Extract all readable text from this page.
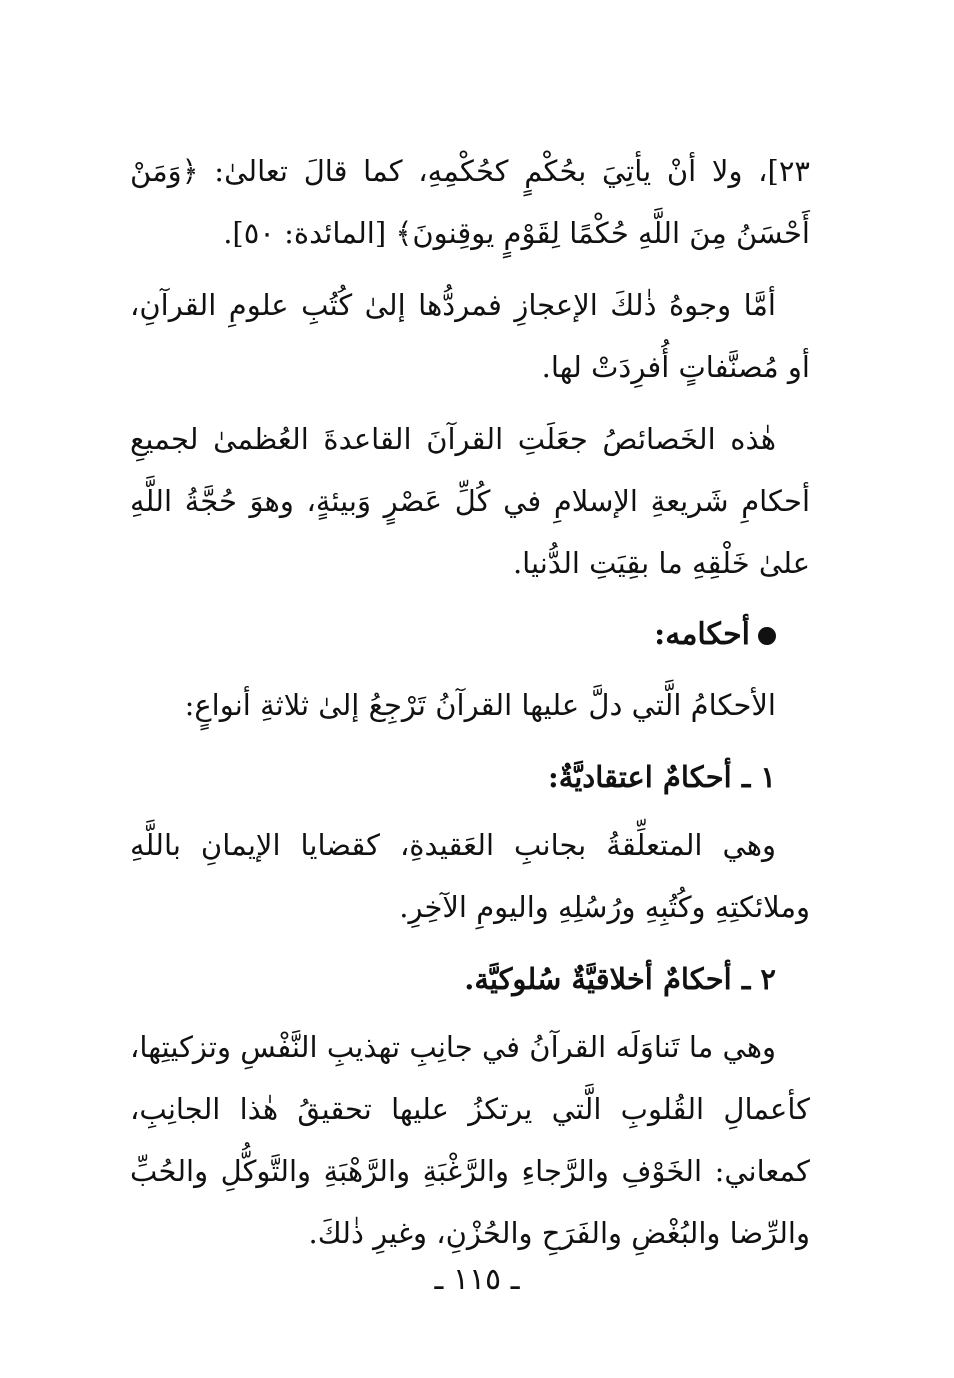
٢٣]، ولا أنْ يأتِيَ بحُكْمٍ كحُكْمِهِ، كما قالَ تعالىٰ: ﴿وَمَنْ أَحْسَنُ مِنَ اللَّهِ حُكْمًا لِقَوْمٍ يوقِنونَ﴾ [المائدة: ٥٠].

أمَّا وجوهُ ذٰلكَ الإعجازِ فمردُّها إلىٰ كُتُبِ علومِ القرآنِ، أو مُصنَّفاتٍ أُفرِدَتْ لها.

هٰذه الخَصائصُ جعَلَتِ القرآنَ القاعدةَ العُظمىٰ لجميعِ أحكامِ شَريعةِ الإسلامِ في كُلِّ عَصْرٍ وَبيئةٍ، وهوَ حُجَّةُ اللَّهِ علىٰ خَلْقِهِ ما بقِيَتِ الدُّنيا.

أحكامه:

الأحكامُ الَّتي دلَّ عليها القرآنُ تَرْجِعُ إلىٰ ثلاثةِ أنواعٍ:

١ ـ أحكامٌ اعتقاديَّةٌ:

وهي المتعلِّقةُ بجانبِ العَقيدةِ، كقضايا الإيمانِ باللَّهِ وملائكتِهِ وكُتُبِهِ ورُسُلِهِ واليومِ الآخِرِ.

٢ ـ أحكامٌ أخلاقيَّةٌ سُلوكيَّة.

وهي ما تَناوَلَه القرآنُ في جانِبِ تهذيبِ النَّفْسِ وتزكيتِها، كأعمالِ القُلوبِ الَّتي يرتكزُ عليها تحقيقُ هٰذا الجانِبِ، كمعاني: الخَوْفِ والرَّجاءِ والرَّغْبَةِ والرَّهْبَةِ والتَّوكُّلِ والحُبِّ والرِّضا والبُغْضِ والفَرَحِ والحُزْنِ، وغيرِ ذٰلكَ.

ـ ١١٥ ـ
